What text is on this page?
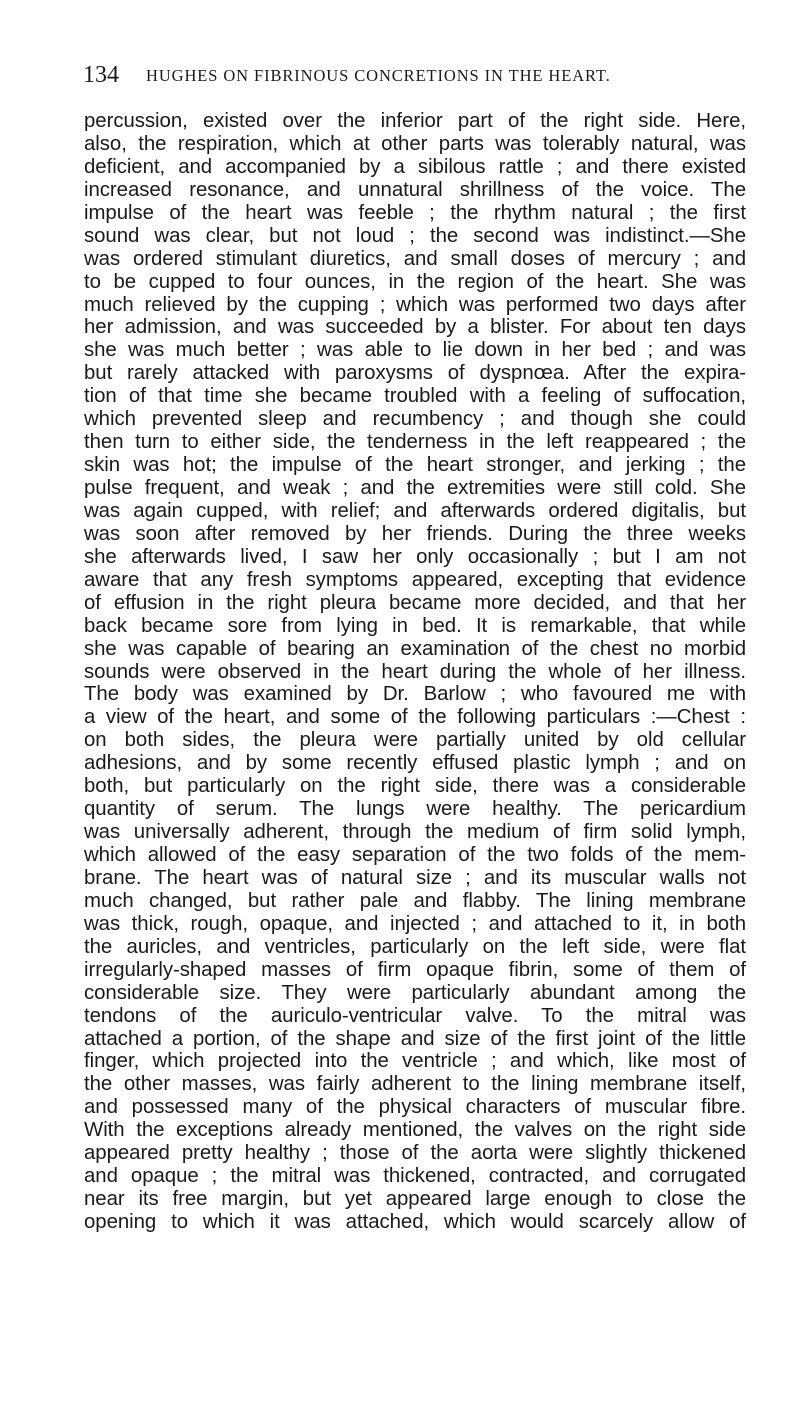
134 HUGHES ON FIBRINOUS CONCRETIONS IN THE HEART.
percussion, existed over the inferior part of the right side. Here,
also, the respiration, which at other parts was tolerably natural, was
deficient, and accompanied by a sibilous rattle ; and there existed
increased resonance, and unnatural shrillness of the voice. The
impulse of the heart was feeble ; the rhythm natural ; the first
sound was clear, but not loud ; the second was indistinct.—She
was ordered stimulant diuretics, and small doses of mercury ; and
to be cupped to four ounces, in the region of the heart. She was
much relieved by the cupping ; which was performed two days after
her admission, and was succeeded by a blister. For about ten days
she was much better ; was able to lie down in her bed ; and was
but rarely attacked with paroxysms of dyspnœa. After the expira-
tion of that time she became troubled with a feeling of suffocation,
which prevented sleep and recumbency ; and though she could
then turn to either side, the tenderness in the left reappeared ; the
skin was hot; the impulse of the heart stronger, and jerking ; the
pulse frequent, and weak ; and the extremities were still cold. She
was again cupped, with relief; and afterwards ordered digitalis, but
was soon after removed by her friends. During the three weeks
she afterwards lived, I saw her only occasionally ; but I am not
aware that any fresh symptoms appeared, excepting that evidence
of effusion in the right pleura became more decided, and that her
back became sore from lying in bed. It is remarkable, that while
she was capable of bearing an examination of the chest no morbid
sounds were observed in the heart during the whole of her illness.
The body was examined by Dr. Barlow ; who favoured me with
a view of the heart, and some of the following particulars :—Chest :
on both sides, the pleura were partially united by old cellular
adhesions, and by some recently effused plastic lymph ; and on
both, but particularly on the right side, there was a considerable
quantity of serum. The lungs were healthy. The pericardium
was universally adherent, through the medium of firm solid lymph,
which allowed of the easy separation of the two folds of the mem-
brane. The heart was of natural size ; and its muscular walls not
much changed, but rather pale and flabby. The lining membrane
was thick, rough, opaque, and injected ; and attached to it, in both
the auricles, and ventricles, particularly on the left side, were flat
irregularly-shaped masses of firm opaque fibrin, some of them of
considerable size. They were particularly abundant among the
tendons of the auriculo-ventricular valve. To the mitral was
attached a portion, of the shape and size of the first joint of the little
finger, which projected into the ventricle ; and which, like most of
the other masses, was fairly adherent to the lining membrane itself,
and possessed many of the physical characters of muscular fibre.
With the exceptions already mentioned, the valves on the right side
appeared pretty healthy ; those of the aorta were slightly thickened
and opaque ; the mitral was thickened, contracted, and corrugated
near its free margin, but yet appeared large enough to close the
opening to which it was attached, which would scarcely allow of
